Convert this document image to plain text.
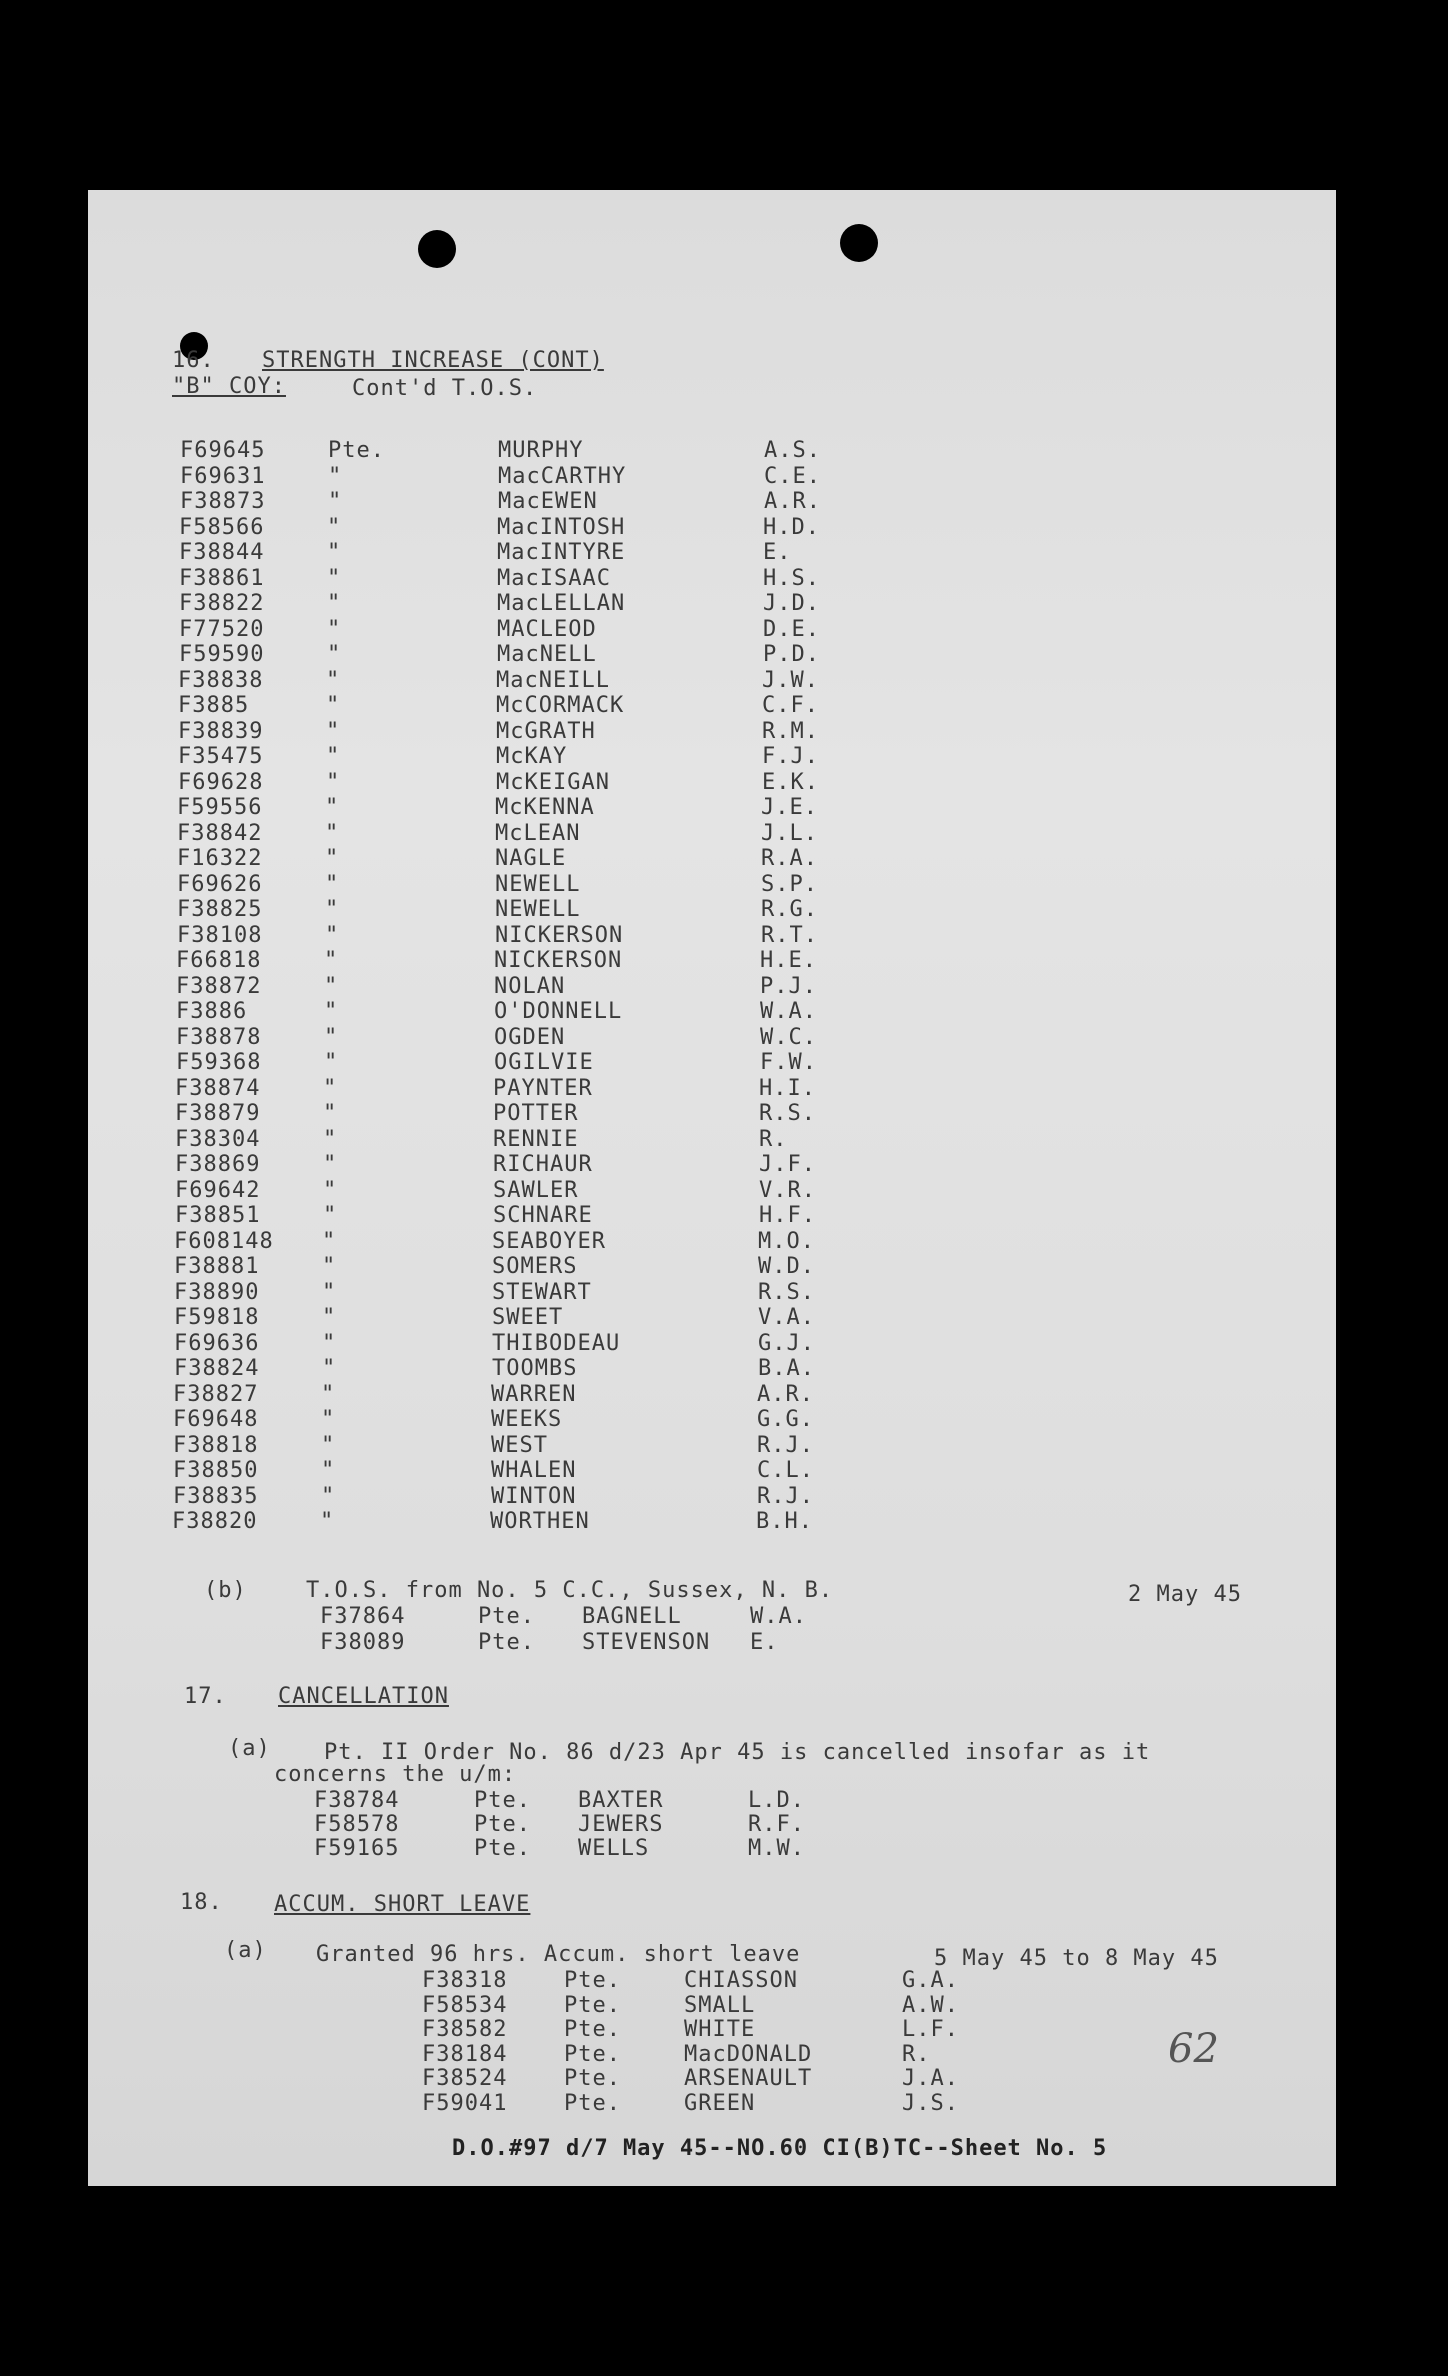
16. STRENGTH INCREASE (CONT)
"B" COY:	Cont'd T.O.S.
F69645	Pte.	MURPHY	A.S.
F69631	"	MacCARTHY	C.E.
F38873	"	MacEWEN	A.R.
F58566	"	MacINTOSH	H.D.
F38844	"	MacINTYRE	E.
F38861	"	MacISAAC	H.S.
F38822	"	MacLELLAN	J.D.
F77520	"	MACLEOD	D.E.
F59590	"	MacNELL	P.D.
F38838	"	MacNEILL	J.W.
F3885	"	McCORMACK	C.F.
F38839	"	McGRATH	R.M.
F35475	"	McKAY	F.J.
F69628	"	McKEIGAN	E.K.
F59556	"	McKENNA	J.E.
F38842	"	McLEAN	J.L.
F16322	"	NAGLE	R.A.
F69626	"	NEWELL	S.P.
F38825	"	NEWELL	R.G.
F38108	"	NICKERSON	R.T.
F66818	"	NICKERSON	H.E.
F38872	"	NOLAN	P.J.
F3886	"	O'DONNELL	W.A.
F38878	"	OGDEN	W.C.
F59368	"	OGILVIE	F.W.
F38874	"	PAYNTER	H.I.
F38879	"	POTTER	R.S.
F38304	"	RENNIE	R.
F38869	"	RICHAUR	J.F.
F69642	"	SAWLER	V.R.
F38851	"	SCHNARE	H.F.
F608148 "	SEABOYER	M.O.
F38881	"	SOMERS	W.D.
F38890	"	STEWART	R.S.
F59818	"	SWEET	V.A.
F69636	"	THIBODEAU	G.J.
F38824	"	TOOMBS	B.A.
F38827	"	WARREN	A.R.
F69648	"	WEEKS	G.G.
F38818	"	WEST	R.J.
F38850	"	WHALEN	C.L.
F38835	"	WINTON	R.J.
F38820	"	WORTHEN	B.H.
(b)	T.O.S. from No. 5 C.C., Sussex, N. B.	2 May 45
F37864	Pte. BAGNELL	W.A.
F38089	Pte. STEVENSON E.
17. CANCELLATION
(a) Pt. II Order No. 86 d/23 Apr 45 is cancelled insofar as it
concerns the u/m:
F38784	Pte. BAXTER	L.D.
F58578	Pte. JEWERS	R.F.
F59165	Pte. WELLS	M.W.
18. ACCUM. SHORT LEAVE
(a) Granted 96 hrs. Accum. short leave	5 May 45 to 8 May 45
F38318	Pte.	CHIASSON	G.A.
F58534	Pte.	SMALL	A.W.
F38582	Pte.	WHITE	L.F.
F38184	Pte.	MacDONALD	R.
F38524	Pte.	ARSENAULT	J.A.
F59041	Pte.	GREEN	J.S.
62
D.O.#97 d/7 May 45--NO.60 CI(B)TC--Sheet No. 5
